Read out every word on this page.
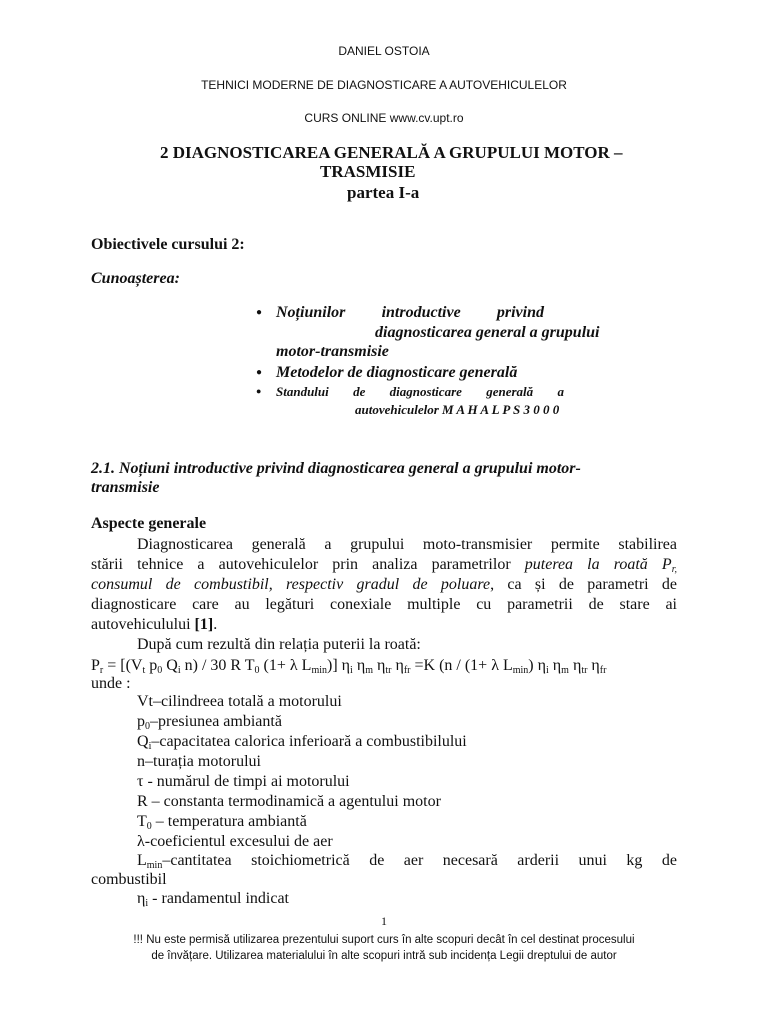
DANIEL OSTOIA
TEHNICI MODERNE DE DIAGNOSTICARE A AUTOVEHICULELOR
CURS ONLINE www.cv.upt.ro
2 DIAGNOSTICAREA GENERALĂ A GRUPULUI MOTOR –
TRASMISIE
partea I-a
Obiectivele cursului 2:
Cunoașterea:
● Noțiunilor introductive privind
diagnosticarea general a grupului
motor-transmisie
● Metodelor de diagnosticare generală
● Standului de diagnosticare generală a
autovehiculelor M A H A L P S 3 0 0 0
2.1. Noțiuni introductive privind diagnosticarea general a grupului motor-
transmisie
Aspecte generale
Diagnosticarea generală a grupului moto-transmisier permite stabilirea
stării tehnice a autovehiculelor prin analiza parametrilor puterea la roată $P_{r,}$
consumul de combustibil, respectiv gradul de poluare, ca și de parametri de
diagnosticare care au legături conexiale multiple cu parametrii de stare ai
autovehiculului [1].
După cum rezultă din relația puterii la roată:
$P_r = [(V_t$ $p_0$ $Q_i$ n) / 30 R $T_0$ (1+ λ $L_{min}$)] $\eta_i$ $\eta_m$ $\eta_{tr}$ $\eta_{fr} =K$ (n / (1+ λ $L_{min}$) $\eta_i$ $\eta_m$ $\eta_{tr}$ $\eta_{fr}$
unde :
Vt–cilindreea totală a motorului
$p_0$–presiunea ambiantă
$Q_i$–capacitatea calorica inferioară a combustibilului
n–turația motorului
τ - numărul de timpi ai motorului
R – constanta termodinamică a agentului motor
$T_0$ – temperatura ambiantă
λ-coeficientul excesului de aer
$L_{min}$–cantitatea stoichiometrică de aer necesară arderii unui kg de
combustibil
$\eta_i$ - randamentul indicat
1
!!! Nu este permisă utilizarea prezentului suport curs în alte scopuri decât în cel destinat procesului
de învățare. Utilizarea materialului în alte scopuri intră sub incidența Legii dreptului de autor
